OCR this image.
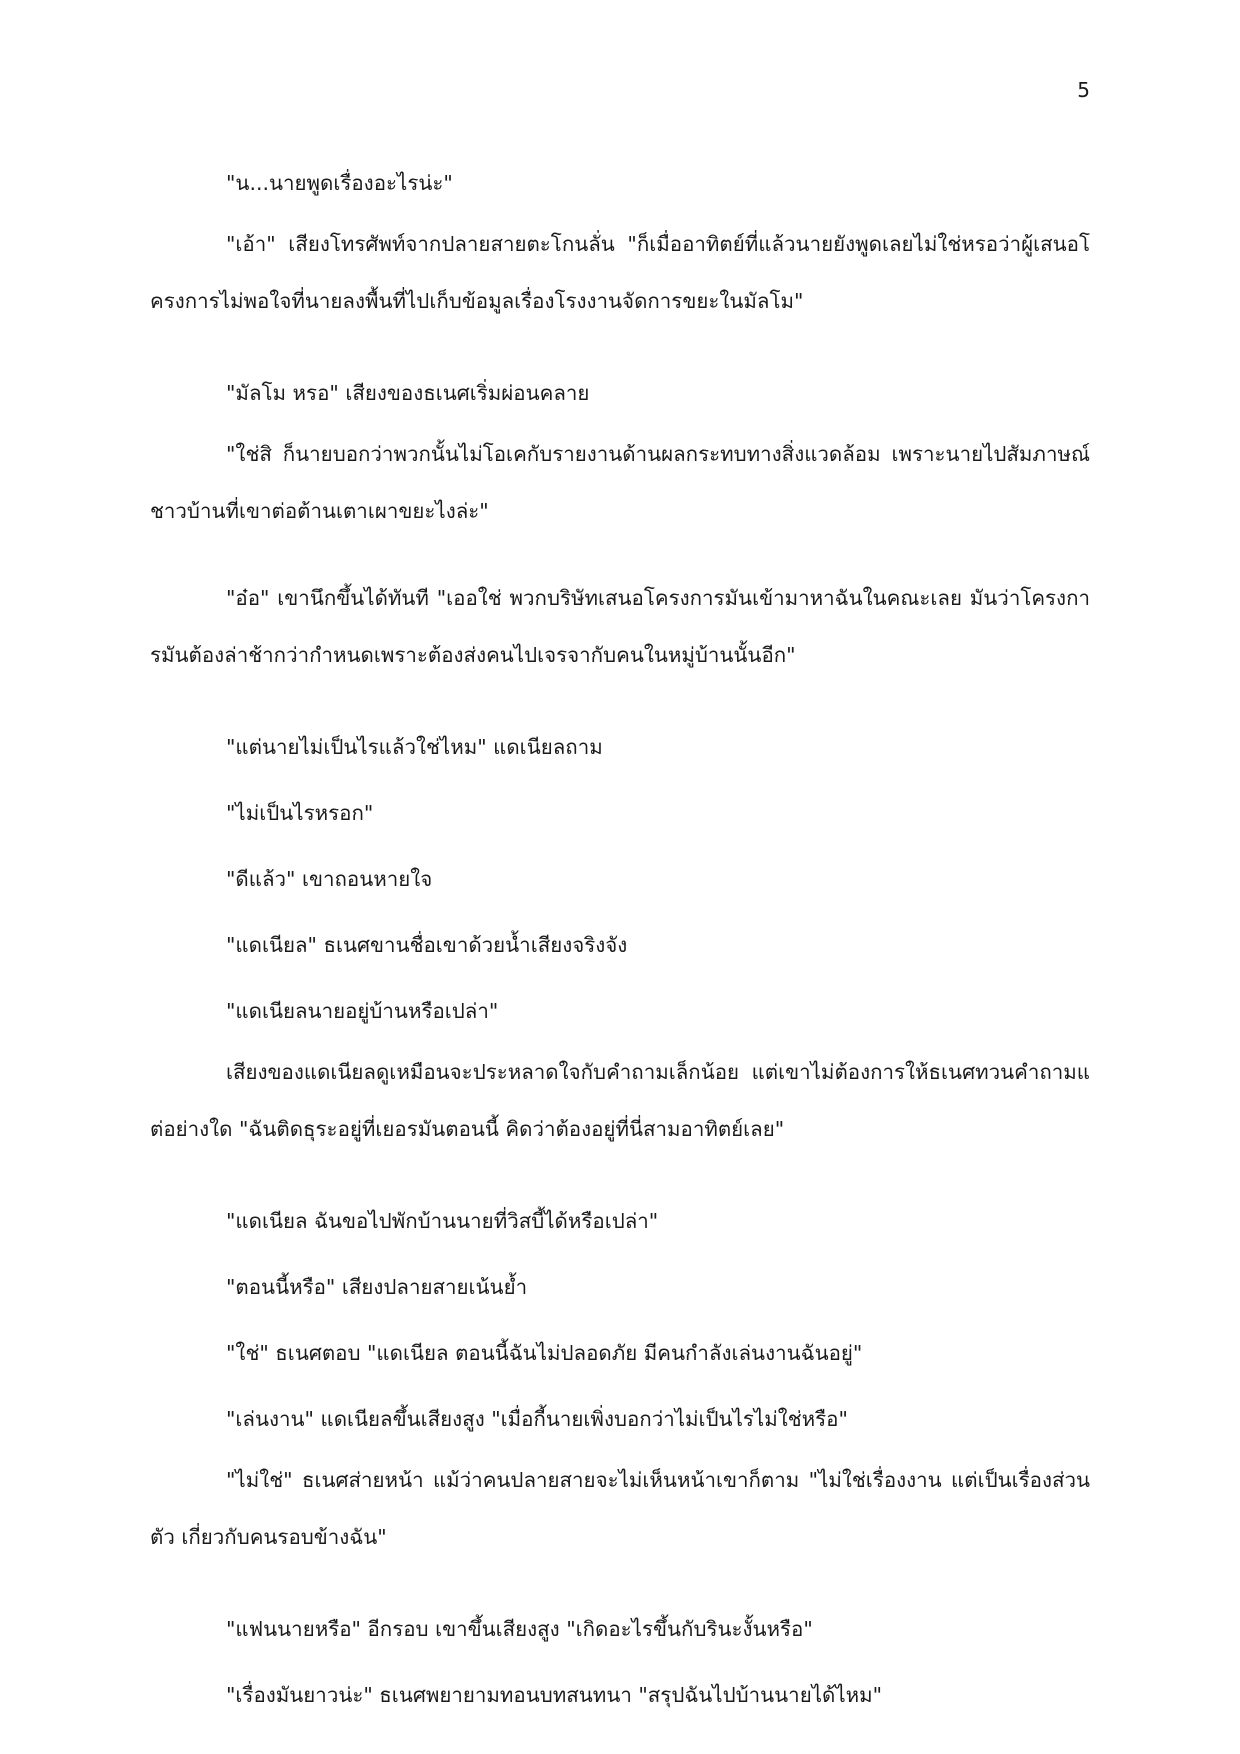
5

"น...นายพูดเรื่องอะไรน่ะ"

"เอ้า" เสียงโทรศัพท์จากปลายสายตะโกนลั่น "ก็เมื่ออาทิตย์ที่แล้วนายยังพูดเลยไม่ใช่หรอว่าผู้เสนอโครงการไม่พอใจที่นายลงพื้นที่ไปเก็บข้อมูลเรื่องโรงงานจัดการขยะในมัลโม"

"มัลโม หรอ" เสียงของธเนศเริ่มผ่อนคลาย

"ใช่สิ ก็นายบอกว่าพวกนั้นไม่โอเคกับรายงานด้านผลกระทบทางสิ่งแวดล้อม เพราะนายไปสัมภาษณ์ชาวบ้านที่เขาต่อต้านเตาเผาขยะไงล่ะ"

"อ๋อ" เขานึกขึ้นได้ทันที "เออใช่ พวกบริษัทเสนอโครงการมันเข้ามาหาฉันในคณะเลย มันว่าโครงการมันต้องล่าช้ากว่ากำหนดเพราะต้องส่งคนไปเจรจากับคนในหมู่บ้านนั้นอีก"

"แต่นายไม่เป็นไรแล้วใช่ไหม" แดเนียลถาม

"ไม่เป็นไรหรอก"

"ดีแล้ว" เขาถอนหายใจ

"แดเนียล" ธเนศขานชื่อเขาด้วยน้ำเสียงจริงจัง

"แดเนียลนายอยู่บ้านหรือเปล่า"

เสียงของแดเนียลดูเหมือนจะประหลาดใจกับคำถามเล็กน้อย แต่เขาไม่ต้องการให้ธเนศทวนคำถามแต่อย่างใด "ฉันติดธุระอยู่ที่เยอรมันตอนนี้ คิดว่าต้องอยู่ที่นี่สามอาทิตย์เลย"

"แดเนียล ฉันขอไปพักบ้านนายที่วิสบี้ได้หรือเปล่า"

"ตอนนี้หรือ" เสียงปลายสายเน้นย้ำ

"ใช่" ธเนศตอบ "แดเนียล ตอนนี้ฉันไม่ปลอดภัย มีคนกำลังเล่นงานฉันอยู่"

"เล่นงาน" แดเนียลขึ้นเสียงสูง "เมื่อกี้นายเพิ่งบอกว่าไม่เป็นไรไม่ใช่หรือ"

"ไม่ใช่" ธเนศส่ายหน้า แม้ว่าคนปลายสายจะไม่เห็นหน้าเขาก็ตาม "ไม่ใช่เรื่องงาน แต่เป็นเรื่องส่วนตัว เกี่ยวกับคนรอบข้างฉัน"

"แฟนนายหรือ" อีกรอบ เขาขึ้นเสียงสูง "เกิดอะไรขึ้นกับรินะงั้นหรือ"

"เรื่องมันยาวน่ะ" ธเนศพยายามทอนบทสนทนา "สรุปฉันไปบ้านนายได้ไหม"
